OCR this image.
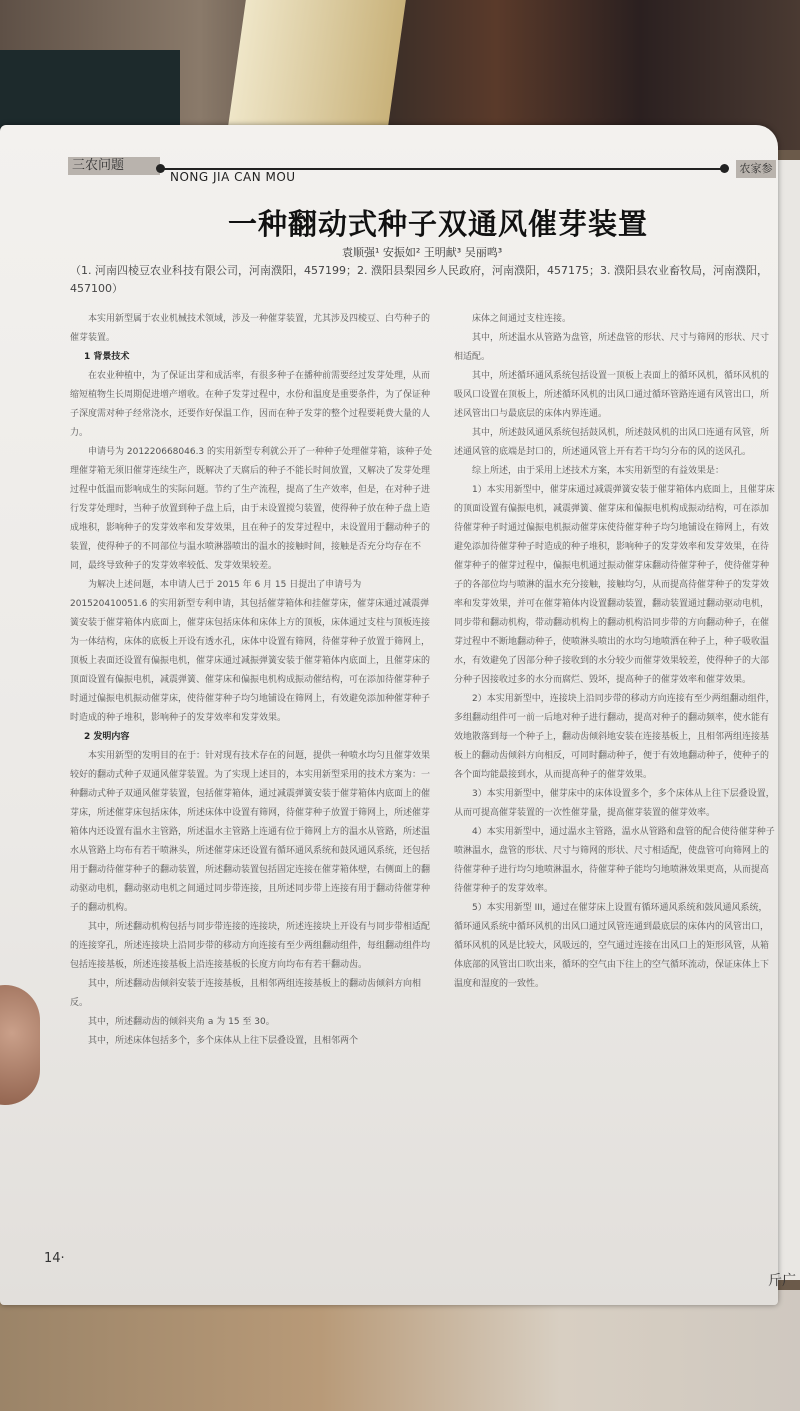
三农问题
NONG JIA CAN MOU
农家参
一种翻动式种子双通风催芽装置
袁顺强¹ 安振如² 王明献³ 吴丽鸣³
（1. 河南四棱豆农业科技有限公司，河南濮阳，457199；2. 濮阳县梨园乡人民政府，河南濮阳，457175；3. 濮阳县农业畜牧局，河南濮阳，457100）

本实用新型属于农业机械技术领域，涉及一种催芽装置，尤其涉及四棱豆、白芍种子的催芽装置。

1 背景技术

在农业种植中，为了保证出芽和成活率，有很多种子在播种前需要经过发芽处理，从而缩短植物生长周期促进增产增收。在种子发芽过程中，水份和温度是重要条件，为了保证种子深度需对种子经常浇水，还要作好保温工作，因而在种子发芽的整个过程要耗费大量的人力。

申请号为 201220668046.3 的实用新型专利就公开了一种种子处理催芽箱，该种子处理催芽箱无须旧催芽连续生产，既解决了天腐后的种子不能长时间放置，又解决了发芽处理过程中低温而影响成生的实际问题。节约了生产流程，提高了生产效率，但是，在对种子进行发芽处理时，当种子放置到种子盘上后，由于未设置搅匀装置，使得种子放在种子盘上造成堆积，影响种子的发芽效率和发芽效果，且在种子的发芽过程中，未设置用于翻动种子的装置，使得种子的不同部位与温水喷淋器喷出的温水的接触时间，接触是否充分均存在不同，最终导致种子的发芽效率较低、发芽效果较差。

为解决上述问题，本申请人已于 2015 年 6 月 15 日提出了申请号为 201520410051.6 的实用新型专利申请，其包括催芽箱体和挂催芽床，催芽床通过减震弹簧安装于催芽箱体内底面上，催芽床包括床体和床体上方的顶板，床体通过支柱与顶板连接为一体结构，床体的底板上开设有透水孔，床体中设置有筛网，待催芽种子放置于筛网上，顶板上表面还设置有偏振电机，催芽床通过减振弹簧安装于催芽箱体内底面上，且催芽床的顶面设置有偏振电机，减震弹簧、催芽床和偏振电机构成振动催结构，可在添加待催芽种子时通过偏振电机振动催芽床，使待催芽种子均匀地铺设在筛网上，有效避免添加种催芽种子时造成的种子堆积，影响种子的发芽效率和发芽效果。

2 发明内容

本实用新型的发明目的在于：针对现有技术存在的问题，提供一种喷水均匀且催芽效果较好的翻动式种子双通风催芽装置。为了实现上述目的，本实用新型采用的技术方案为：一种翻动式种子双通风催芽装置，包括催芽箱体，通过减震弹簧安装于催芽箱体内底面上的催芽床，所述催芽床包括床体，所述床体中设置有筛网，待催芽种子放置于筛网上，所述催芽箱体内还设置有温水主管路，所述温水主管路上连通有位于筛网上方的温水从管路，所述温水从管路上均布有若干喷淋头，所述催芽床还设置有循环通风系统和鼓风通风系统，还包括用于翻动待催芽种子的翻动装置，所述翻动装置包括固定连接在催芽箱体壁，右侧面上的翻动驱动电机，翻动驱动电机之间通过同步带连接，且所述同步带上连接有用于翻动待催芽种子的翻动机构。

其中，所述翻动机构包括与同步带连接的连接块，所述连接块上开设有与同步带相适配的连接穿孔，所述连接块上沿同步带的移动方向连接有至少两组翻动组件，每组翻动组件均包括连接基板，所述连接基板上沿连接基板的长度方向均布有若干翻动齿。

其中，所述翻动齿倾斜安装于连接基板，且相邻两组连接基板上的翻动齿倾斜方向相反。

其中，所述翻动齿的倾斜夹角 a 为 15 至 30。

其中，所述床体包括多个，多个床体从上往下层叠设置，且相邻两个

床体之间通过支柱连接。

其中，所述温水从管路为盘管，所述盘管的形状、尺寸与筛网的形状、尺寸相适配。

其中，所述循环通风系统包括设置一顶板上表面上的循环风机，循环风机的吸风口设置在顶板上，所述循环风机的出风口通过循环管路连通有风管出口，所述风管出口与最底层的床体内界连通。

其中，所述鼓风通风系统包括鼓风机，所述鼓风机的出风口连通有风管，所述通风管的底端是封口的，所述通风管上开有若干均匀分布的风的送风孔。

综上所述，由于采用上述技术方案，本实用新型的有益效果是：

1）本实用新型中，催芽床通过减震弹簧安装于催芽箱体内底面上，且催芽床的顶面设置有偏振电机，减震弹簧、催芽床和偏振电机构成振动结构，可在添加待催芽种子时通过偏振电机振动催芽床使待催芽种子均匀地铺设在筛网上，有效避免添加待催芽种子时造成的种子堆积，影响种子的发芽效率和发芽效果，在待催芽种子的催芽过程中，偏振电机通过振动催芽床翻动待催芽种子，使待催芽种子的各部位均与喷淋的温水充分接触，接触均匀，从而提高待催芽种子的发芽效率和发芽效果，并可在催芽箱体内设置翻动装置，翻动装置通过翻动驱动电机，同步带和翻动机构，带动翻动机构上的翻动机构沿同步带的方向翻动种子，在催芽过程中不断地翻动种子，使喷淋头喷出的水均匀地喷洒在种子上，种子吸收温水，有效避免了因部分种子接收到的水分较少而催芽效果较差，使得种子的大部分种子因接收过多的水分而腐烂、毁坏，提高种子的催芽效率和催芽效果。

2）本实用新型中，连接块上沿同步带的移动方向连接有至少两组翻动组件，多组翻动组件可一前一后地对种子进行翻动，提高对种子的翻动频率，使水能有效地散落到每一个种子上，翻动齿倾斜地安装在连接基板上，且相邻两组连接基板上的翻动齿倾斜方向相反，可同时翻动种子，便于有效地翻动种子，使种子的各个面均能最接到水，从而提高种子的催芽效果。

3）本实用新型中，催芽床中的床体设置多个，多个床体从上往下层叠设置，从而可提高催芽装置的一次性催芽量，提高催芽装置的催芽效率。

4）本实用新型中，通过温水主管路，温水从管路和盘管的配合使待催芽种子喷淋温水，盘管的形状、尺寸与筛网的形状、尺寸相适配，使盘管可向筛网上的待催芽种子进行均匀地喷淋温水，待催芽种子能均匀地喷淋效果更高，从而提高待催芽种子的发芽效率。

5）本实用新型 III，通过在催芽床上设置有循环通风系统和鼓风通风系统，循环通风系统中循环风机的出风口通过风管连通到最底层的床体内的风管出口，循环风机的风是比较大，风吸远的，空气通过连接在出风口上的矩形风管，从箱体底部的风管出口吹出来，循环的空气由下往上的空气循环流动，保证床体上下温度和湿度的一致性。

14·
斤广
